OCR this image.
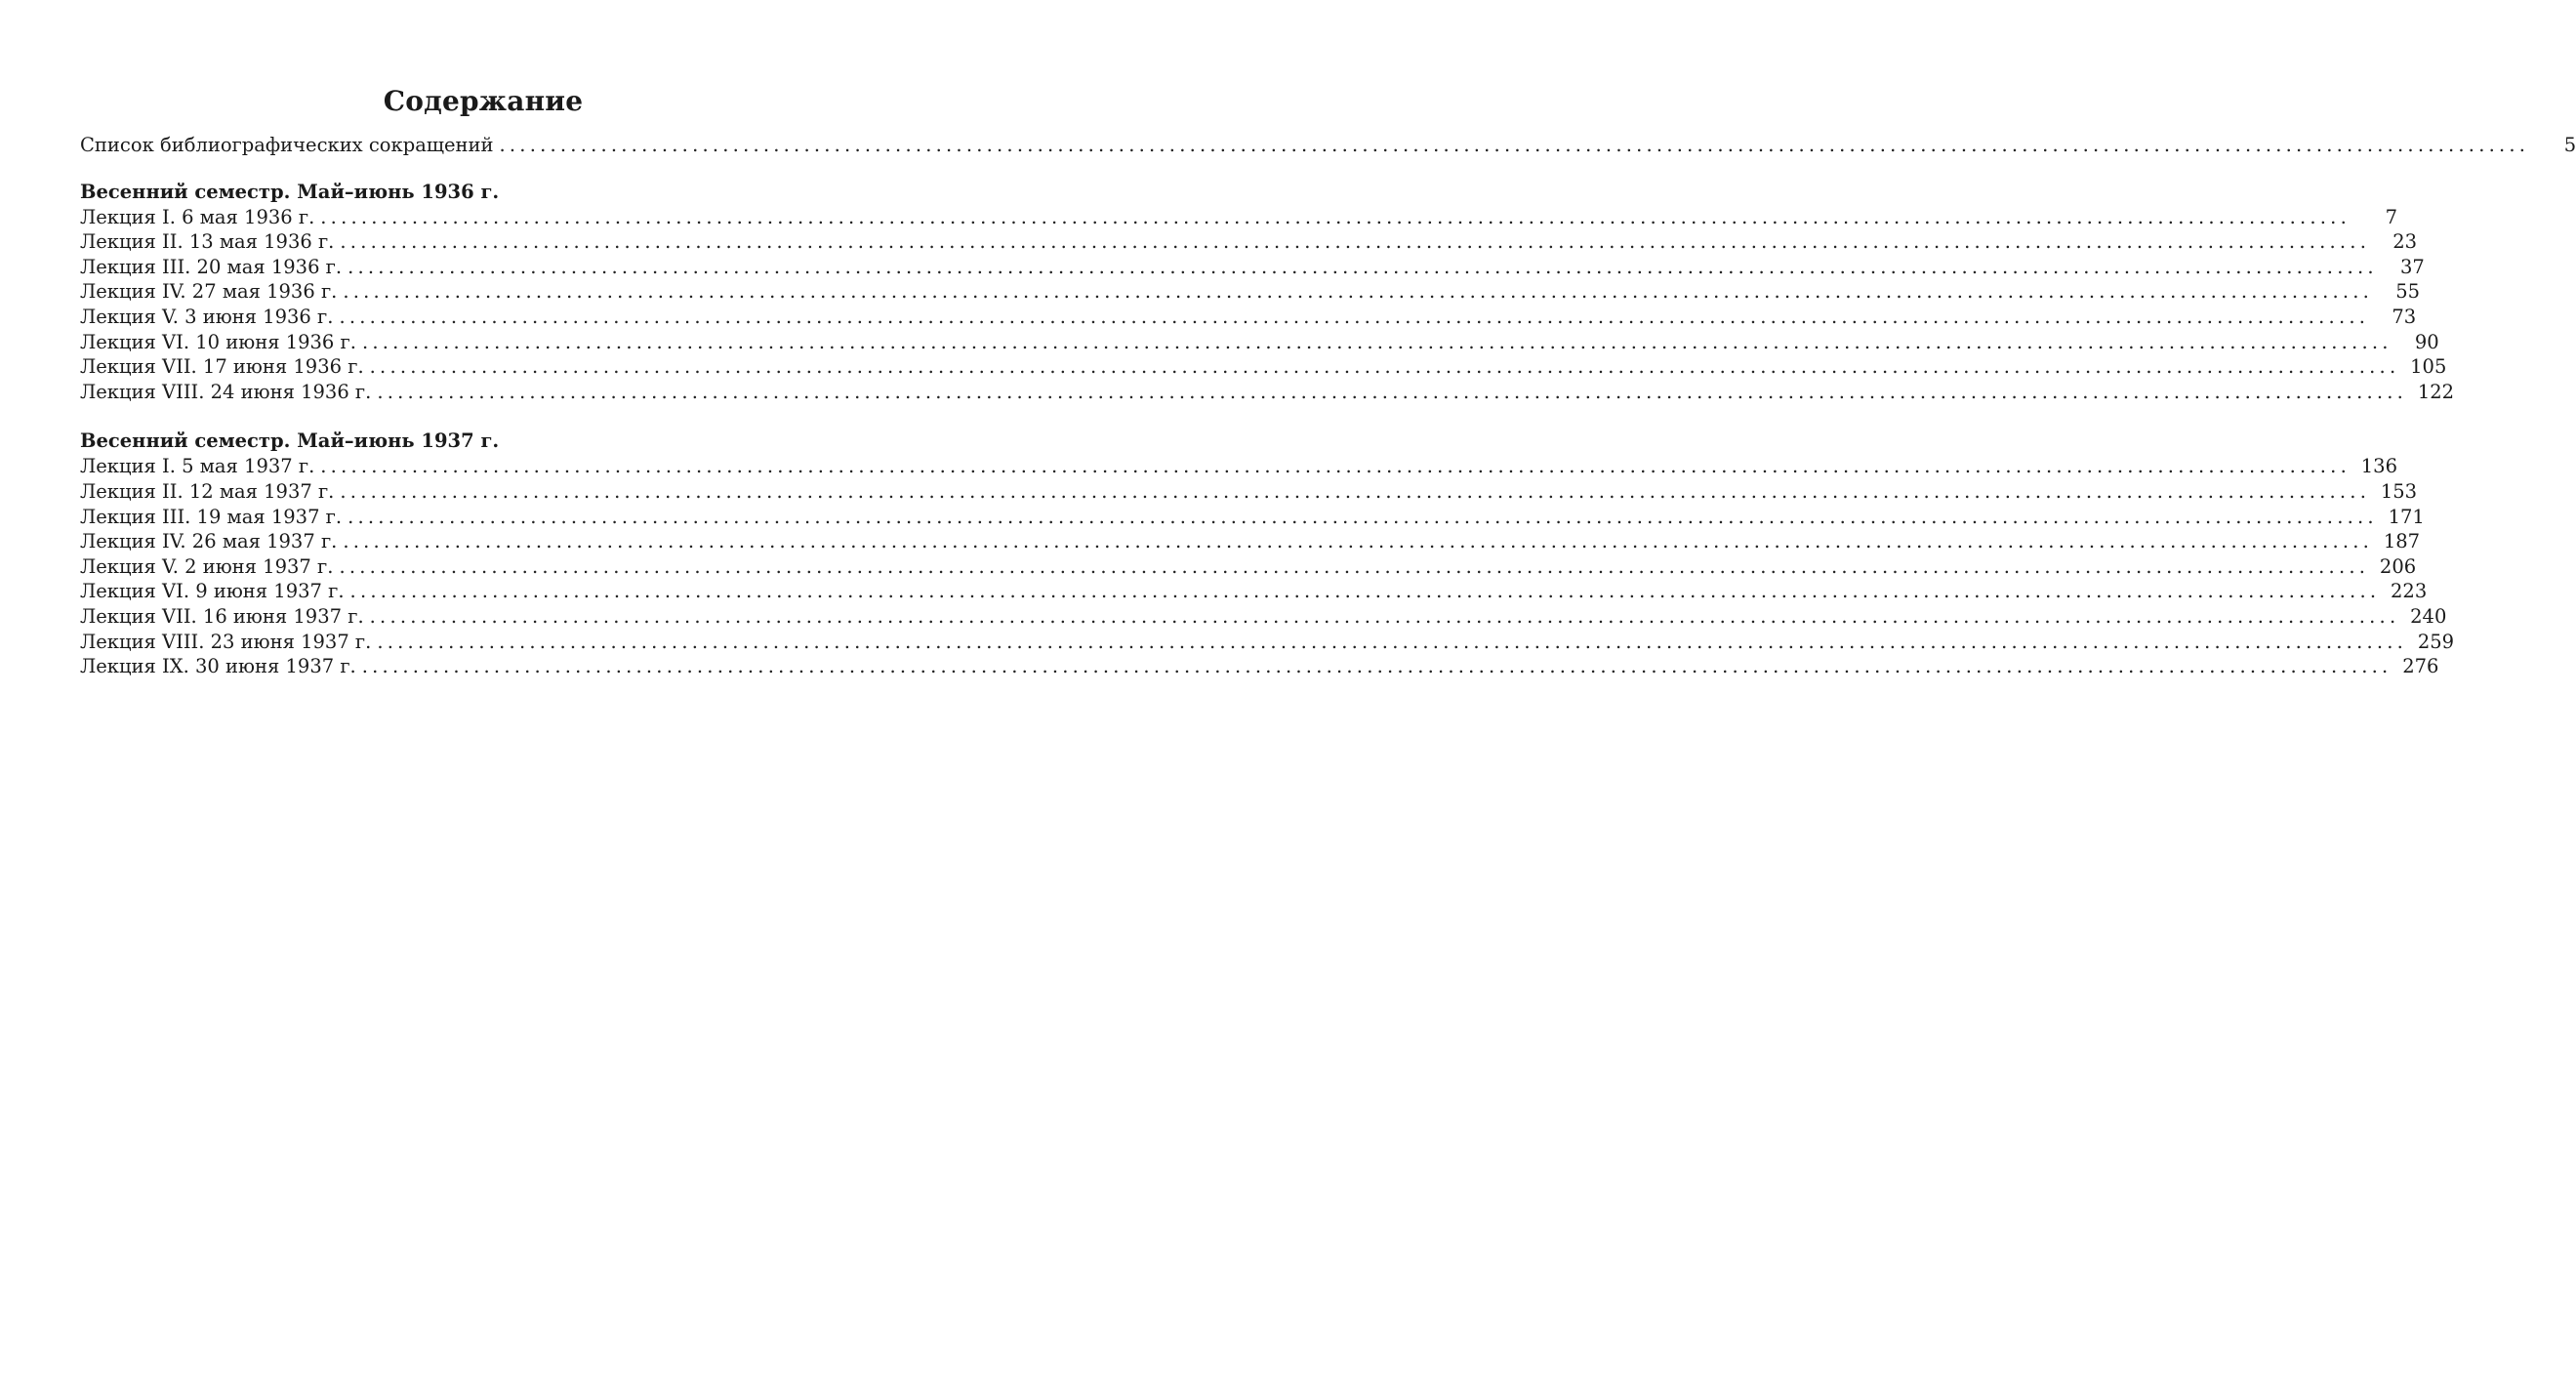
Содержание
Список библиографических сокращений ........................................................................................................................................................................................................	5
Весенний семестр. Май–июнь 1936 г.
Лекция I. 6 мая 1936 г. ........................................................................................................................................................................................................	7
Лекция II. 13 мая 1936 г. ........................................................................................................................................................................................................	23
Лекция III. 20 мая 1936 г. ........................................................................................................................................................................................................	37
Лекция IV. 27 мая 1936 г. ........................................................................................................................................................................................................	55
Лекция V. 3 июня 1936 г. ........................................................................................................................................................................................................	73
Лекция VI. 10 июня 1936 г. ........................................................................................................................................................................................................	90
Лекция VII. 17 июня 1936 г. ........................................................................................................................................................................................................ 105
Лекция VIII. 24 июня 1936 г. ........................................................................................................................................................................................................ 122
Весенний семестр. Май–июнь 1937 г.
Лекция I. 5 мая 1937 г. ........................................................................................................................................................................................................ 136
Лекция II. 12 мая 1937 г. ........................................................................................................................................................................................................ 153
Лекция III. 19 мая 1937 г. ........................................................................................................................................................................................................ 171
Лекция IV. 26 мая 1937 г. ........................................................................................................................................................................................................ 187
Лекция V. 2 июня 1937 г. ........................................................................................................................................................................................................ 206
Лекция VI. 9 июня 1937 г. ........................................................................................................................................................................................................ 223
Лекция VII. 16 июня 1937 г. ........................................................................................................................................................................................................ 240
Лекция VIII. 23 июня 1937 г. ........................................................................................................................................................................................................ 259
Лекция IX. 30 июня 1937 г. ........................................................................................................................................................................................................ 276
